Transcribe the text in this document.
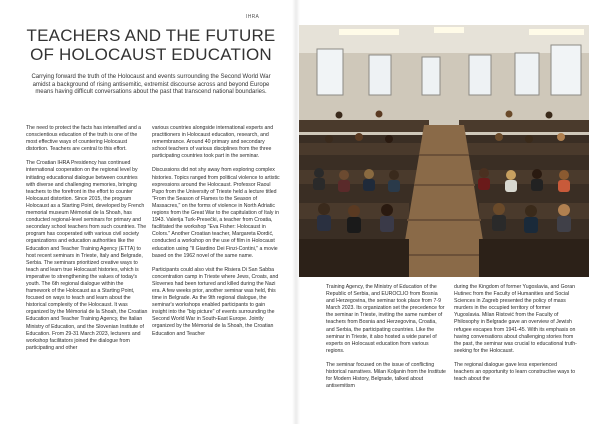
IHRA
TEACHERS AND THE FUTURE
OF HOLOCAUST EDUCATION

Carrying forward the truth of the Holocaust and events surrounding the Second World War amidst a background of rising antisemitic, extremist discourse across and beyond Europe means having difficult conversations about the past that transcend national boundaries.

The need to protect the facts has intensified and a conscientious education of the truth is one of the most effective ways of countering Holocaust distortion. Teachers are central to this effort.

The Croatian IHRA Presidency has continued international cooperation on the regional level by initiating educational dialogue between countries with diverse and challenging memories, bringing teachers to the forefront in the effort to counter Holocaust distortion. Since 2015, the program Holocaust as a Starting Point, developed by French memorial museum Mémorial de la Shoah, has conducted regional-level seminars for primary and secondary school teachers from such countries. The program has cooperated with various civil society organizations and education authorities like the Education and Teacher Training Agency (ETTA) to host recent seminars in Trieste, Italy and Belgrade, Serbia. The seminars prioritized creative ways to teach and learn true Holocaust histories, which is imperative to strengthening the values of today's youth. The 6th regional dialogue within the framework of the Holocaust as a Starting Point, focused on ways to teach and learn about the historical complexity of the Holocaust. It was organized by the Mémorial de la Shoah, the Croatian Education and Teacher Training Agency, the Italian Ministry of Education, and the Slovenian Institute of Education. From 29-31 March 2023, lecturers and workshop facilitators joined the dialogue from participating and other

various countries alongside international experts and practitioners in Holocaust education, research, and remembrance. Around 40 primary and secondary school teachers of various disciplines from the three participating countries took part in the seminar.

Discussions did not shy away from exploring complex histories. Topics ranged from political violence to artistic expressions around the Holocaust. Professor Raoul Pupo from the University of Trieste held a lecture titled "From the Season of Flames to the Season of Massacres," on the forms of violence in North Adriatic regions from the Great War to the capitulation of Italy in 1943. Valerija Turk-Presečki, a teacher from Croatia, facilitated the workshop "Eva Fisher: Holocaust in Colors." Another Croatian teacher, Margareta Đordić, conducted a workshop on the use of film in Holocaust education using "Il Giardino Dei Finzi-Contini," a movie based on the 1962 novel of the same name.

Participants could also visit the Risiera Di San Sabba concentration camp in Trieste where Jews, Croats, and Slovenes had been tortured and killed during the Nazi era. A few weeks prior, another seminar was held, this time in Belgrade. As the 9th regional dialogue, the seminar's workshops enabled participants to gain insight into the "big picture" of events surrounding the Second World War in South-East Europe. Jointly organized by the Mémorial de la Shoah, the Croatian Education and Teacher

Training Agency, the Ministry of Education of the Republic of Serbia, and EUROCLIO from Bosnia and Herzegovina, the seminar took place from 7-9 March 2023. Its organization set the precedence for the seminar in Trieste, inviting the same number of teachers from Bosnia and Herzegovina, Croatia, and Serbia, the participating countries. Like the seminar in Trieste, it also hosted a wide panel of experts on Holocaust education from various regions.

The seminar focused on the issue of conflicting historical narratives. Milan Koljanin from the Institute for Modern History, Belgrade, talked about antisemitism

during the Kingdom of former Yugoslavia, and Goran Hutinec from the Faculty of Humanities and Social Sciences in Zagreb presented the policy of mass murders in the occupied territory of former Yugoslavia. Milan Ristović from the Faculty of Philosophy in Belgrade gave an overview of Jewish refugee escapes from 1941-45. With its emphasis on having conversations about challenging stories from the past, the seminar was crucial to educational truth-seeking for the Holocaust.

The regional dialogue gave less experienced teachers an opportunity to learn constructive ways to teach about the
